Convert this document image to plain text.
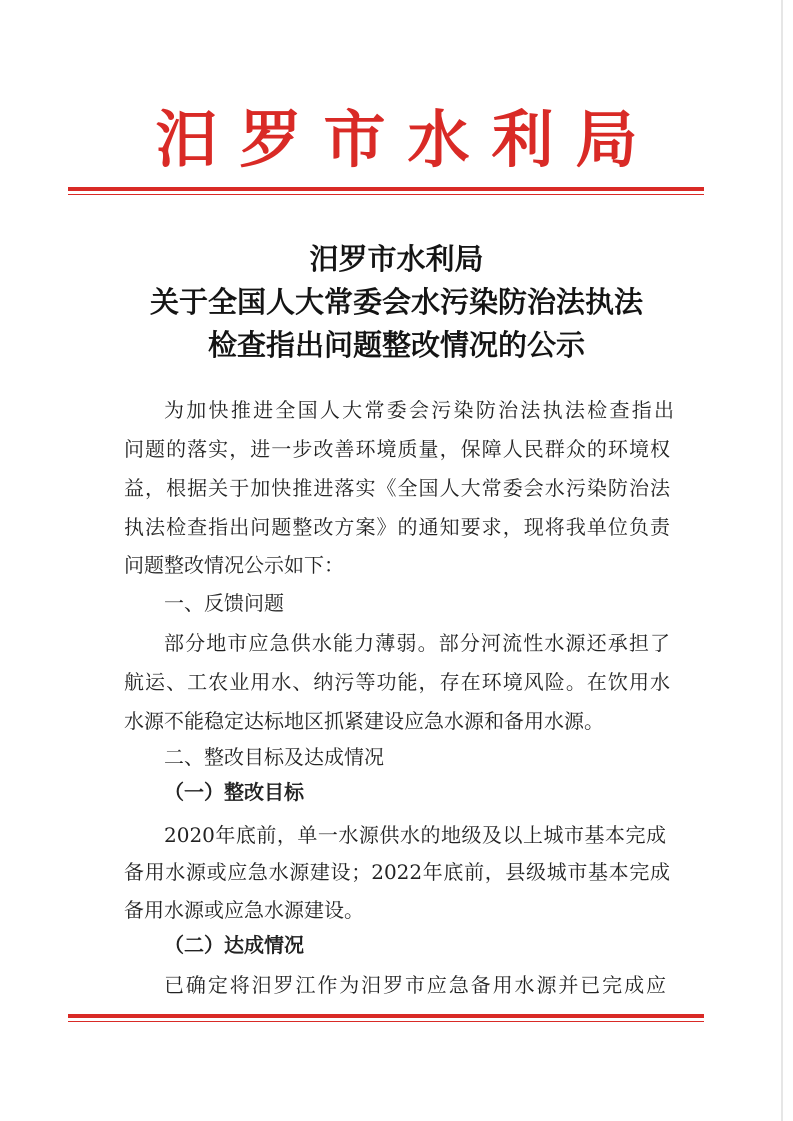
汨罗市水利局
汨罗市水利局
关于全国人大常委会水污染防治法执法
检查指出问题整改情况的公示
为加快推进全国人大常委会污染防治法执法检查指出
问题的落实，进一步改善环境质量，保障人民群众的环境权
益，根据关于加快推进落实《全国人大常委会水污染防治法
执法检查指出问题整改方案》的通知要求，现将我单位负责
问题整改情况公示如下：
一、反馈问题
部分地市应急供水能力薄弱。部分河流性水源还承担了
航运、工农业用水、纳污等功能，存在环境风险。在饮用水
水源不能稳定达标地区抓紧建设应急水源和备用水源。
二、整改目标及达成情况
（一）整改目标
2020年底前，单一水源供水的地级及以上城市基本完成
备用水源或应急水源建设；2022年底前，县级城市基本完成
备用水源或应急水源建设。
（二）达成情况
已确定将汨罗江作为汨罗市应急备用水源并已完成应
